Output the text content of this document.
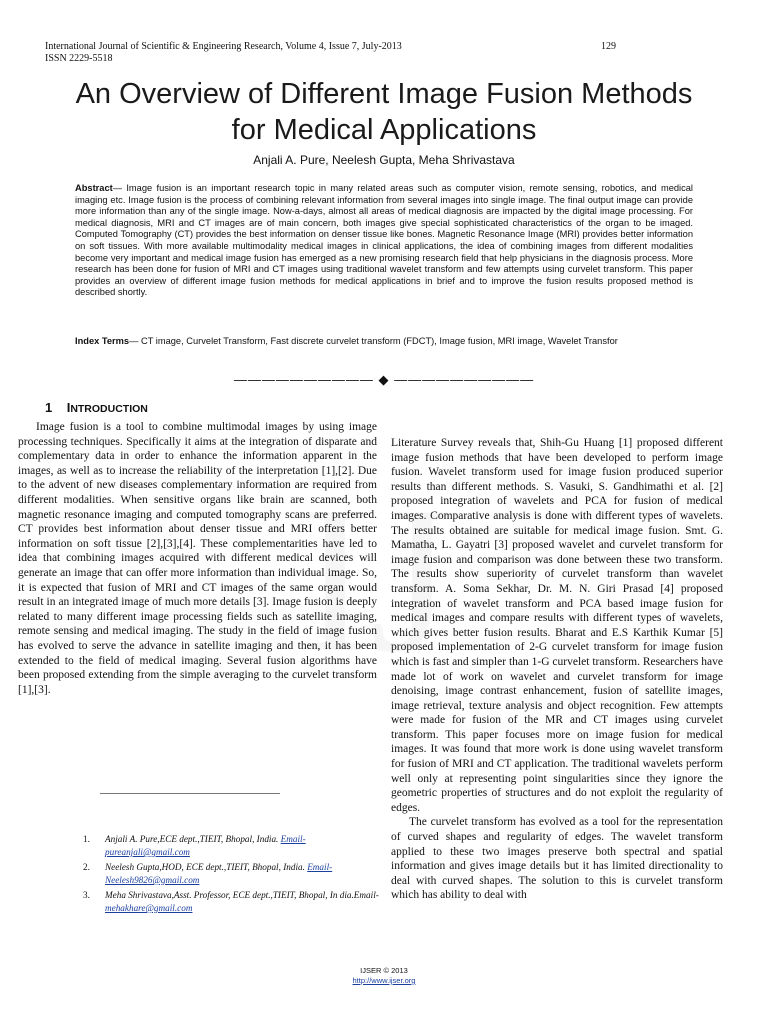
International Journal of Scientific & Engineering Research, Volume 4, Issue 7, July-2013
ISSN 2229-5518
129
An Overview of Different Image Fusion Methods
for Medical Applications
Anjali A. Pure, Neelesh Gupta, Meha Shrivastava
Abstract— Image fusion is an important research topic in many related areas such as computer vision, remote sensing, robotics, and medical imaging etc. Image fusion is the process of combining relevant information from several images into single image. The final output image can provide more information than any of the single image. Now-a-days, almost all areas of medical diagnosis are impacted by the digital image processing. For medical diagnosis, MRI and CT images are of main concern, both images give special sophisticated characteristics of the organ to be imaged. Computed Tomography (CT) provides the best information on denser tissue like bones. Magnetic Resonance Image (MRI) provides better information on soft tissues. With more available multimodality medical images in clinical applications, the idea of combining images from different modalities become very important and medical image fusion has emerged as a new promising research field that help physicians in the diagnosis process. More research has been done for fusion of MRI and CT images using traditional wavelet transform and few attempts using curvelet transform. This paper provides an overview of different image fusion methods for medical applications in brief and to improve the fusion results proposed method is described shortly.
Index Terms— CT image, Curvelet Transform, Fast discrete curvelet transform (FDCT), Image fusion, MRI image, Wavelet Transfor
—————————— ◆ ——————————
1 INTRODUCTION

Image fusion is a tool to combine multimodal images by using image processing techniques. Specifically it aims at the integration of disparate and complementary data in order to enhance the information apparent in the images, as well as to increase the reliability of the interpretation [1],[2]. Due to the advent of new diseases complementary information are required from different modalities. When sensitive organs like brain are scanned, both magnetic resonance imaging and computed tomography scans are preferred. CT provides best information about denser tissue and MRI offers better information on soft tissue [2],[3],[4]. These complementarities have led to idea that combining images acquired with different medical devices will generate an image that can offer more information than individual image. So, it is expected that fusion of MRI and CT images of the same organ would result in an integrated image of much more details [3]. Image fusion is deeply related to many different image processing fields such as satellite imaging, remote sensing and medical imaging. The study in the field of image fusion has evolved to serve the advance in satellite imaging and then, it has been extended to the field of medical imaging. Several fusion algorithms have been proposed extending from the simple averaging to the curvelet transform [1],[3].

Literature Survey reveals that, Shih-Gu Huang [1] proposed different image fusion methods that have been developed to perform image fusion. Wavelet transform used for image fusion produced superior results than different methods. S. Vasuki, S. Gandhimathi et al. [2] proposed integration of wavelets and PCA for fusion of medical images. Comparative analysis is done with different types of wavelets. The results obtained are suitable for medical image fusion. Smt. G. Mamatha, L. Gayatri [3] proposed wavelet and curvelet transform for image fusion and comparison was done between these two transform. The results show superiority of curvelet transform than wavelet transform. A. Soma Sekhar, Dr. M. N. Giri Prasad [4] proposed integration of wavelet transform and PCA based image fusion for medical images and compare results with different types of wavelets, which gives better fusion results. Bharat and E.S Karthik Kumar [5] proposed implementation of 2-G curvelet transform for image fusion which is fast and simpler than 1-G curvelet transform. Researchers have made lot of work on wavelet and curvelet transform for image denoising, image contrast enhancement, fusion of satellite images, image retrieval, texture analysis and object recognition. Few attempts were made for fusion of the MR and CT images using curvelet transform. This paper focuses more on image fusion for medical images. It was found that more work is done using wavelet transform for fusion of MRI and CT application. The traditional wavelets perform well only at representing point singularities since they ignore the geometric properties of structures and do not exploit the regularity of edges.

The curvelet transform has evolved as a tool for the representation of curved shapes and regularity of edges. The wavelet transform applied to these two images preserve both spectral and spatial information and gives image details but it has limited directionality to deal with curved shapes. The solution to this is curvelet transform which has ability to deal with

1. Anjali A. Pure,ECE dept.,TIEIT, Bhopal, India. Email-pureanjali@gmail.com
2. Neelesh Gupta,HOD, ECE dept.,TIEIT, Bhopal, India. Email- Neelesh9826@gmail.com
3. Meha Shrivastava,Asst. Professor, ECE dept.,TIEIT, Bhopal, In dia.Email- mehakhare@gmail.com
IJSER © 2013
http://www.ijser.org
